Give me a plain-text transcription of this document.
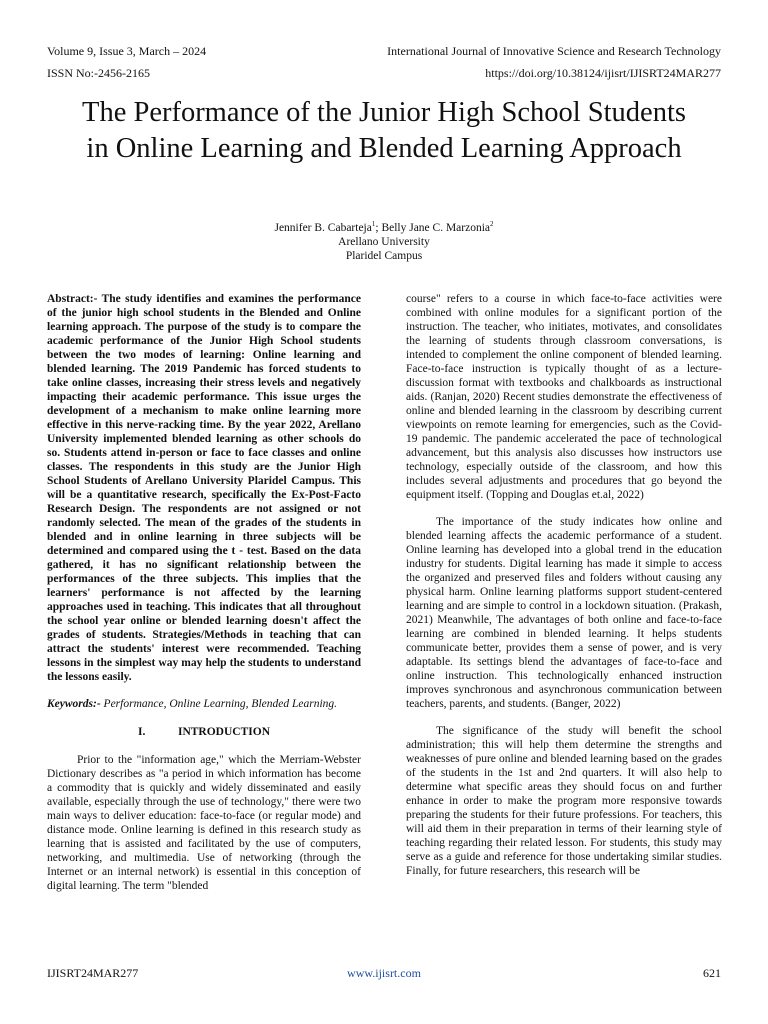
Volume 9, Issue 3, March – 2024	International Journal of Innovative Science and Research Technology
ISSN No:-2456-2165	https://doi.org/10.38124/ijisrt/IJISRT24MAR277
The Performance of the Junior High School Students in Online Learning and Blended Learning Approach
Jennifer B. Cabarteja$^1$; Belly Jane C. Marzonia$^2$
Arellano University
Plaridel Campus

Abstract:- The study identifies and examines the performance of the junior high school students in the Blended and Online learning approach. The purpose of the study is to compare the academic performance of the Junior High School students between the two modes of learning: Online learning and blended learning. The 2019 Pandemic has forced students to take online classes, increasing their stress levels and negatively impacting their academic performance. This issue urges the development of a mechanism to make online learning more effective in this nerve-racking time. By the year 2022, Arellano University implemented blended learning as other schools do so. Students attend in-person or face to face classes and online classes. The respondents in this study are the Junior High School Students of Arellano University Plaridel Campus. This will be a quantitative research, specifically the Ex-Post-Facto Research Design. The respondents are not assigned or not randomly selected. The mean of the grades of the students in blended and in online learning in three subjects will be determined and compared using the t - test. Based on the data gathered, it has no significant relationship between the performances of the three subjects. This implies that the learners' performance is not affected by the learning approaches used in teaching. This indicates that all throughout the school year online or blended learning doesn't affect the grades of students. Strategies/Methods in teaching that can attract the students' interest were recommended. Teaching lessons in the simplest way may help the students to understand the lessons easily.

Keywords:- Performance, Online Learning, Blended Learning.

I.	INTRODUCTION

Prior to the "information age," which the Merriam-Webster Dictionary describes as "a period in which information has become a commodity that is quickly and widely disseminated and easily available, especially through the use of technology," there were two main ways to deliver education: face-to-face (or regular mode) and distance mode. Online learning is defined in this research study as learning that is assisted and facilitated by the use of computers, networking, and multimedia. Use of networking (through the Internet or an internal network) is essential in this conception of digital learning. The term "blended

course" refers to a course in which face-to-face activities were combined with online modules for a significant portion of the instruction. The teacher, who initiates, motivates, and consolidates the learning of students through classroom conversations, is intended to complement the online component of blended learning. Face-to-face instruction is typically thought of as a lecture-discussion format with textbooks and chalkboards as instructional aids. (Ranjan, 2020) Recent studies demonstrate the effectiveness of online and blended learning in the classroom by describing current viewpoints on remote learning for emergencies, such as the Covid-19 pandemic. The pandemic accelerated the pace of technological advancement, but this analysis also discusses how instructors use technology, especially outside of the classroom, and how this includes several adjustments and procedures that go beyond the equipment itself. (Topping and Douglas et.al, 2022)

The importance of the study indicates how online and blended learning affects the academic performance of a student. Online learning has developed into a global trend in the education industry for students. Digital learning has made it simple to access the organized and preserved files and folders without causing any physical harm. Online learning platforms support student-centered learning and are simple to control in a lockdown situation. (Prakash, 2021) Meanwhile, The advantages of both online and face-to-face learning are combined in blended learning. It helps students communicate better, provides them a sense of power, and is very adaptable. Its settings blend the advantages of face-to-face and online instruction. This technologically enhanced instruction improves synchronous and asynchronous communication between teachers, parents, and students. (Banger, 2022)

The significance of the study will benefit the school administration; this will help them determine the strengths and weaknesses of pure online and blended learning based on the grades of the students in the 1st and 2nd quarters. It will also help to determine what specific areas they should focus on and further enhance in order to make the program more responsive towards preparing the students for their future professions. For teachers, this will aid them in their preparation in terms of their learning style of teaching regarding their related lesson. For students, this study may serve as a guide and reference for those undertaking similar studies. Finally, for future researchers, this research will be

IJISRT24MAR277	www.ijisrt.com	621
